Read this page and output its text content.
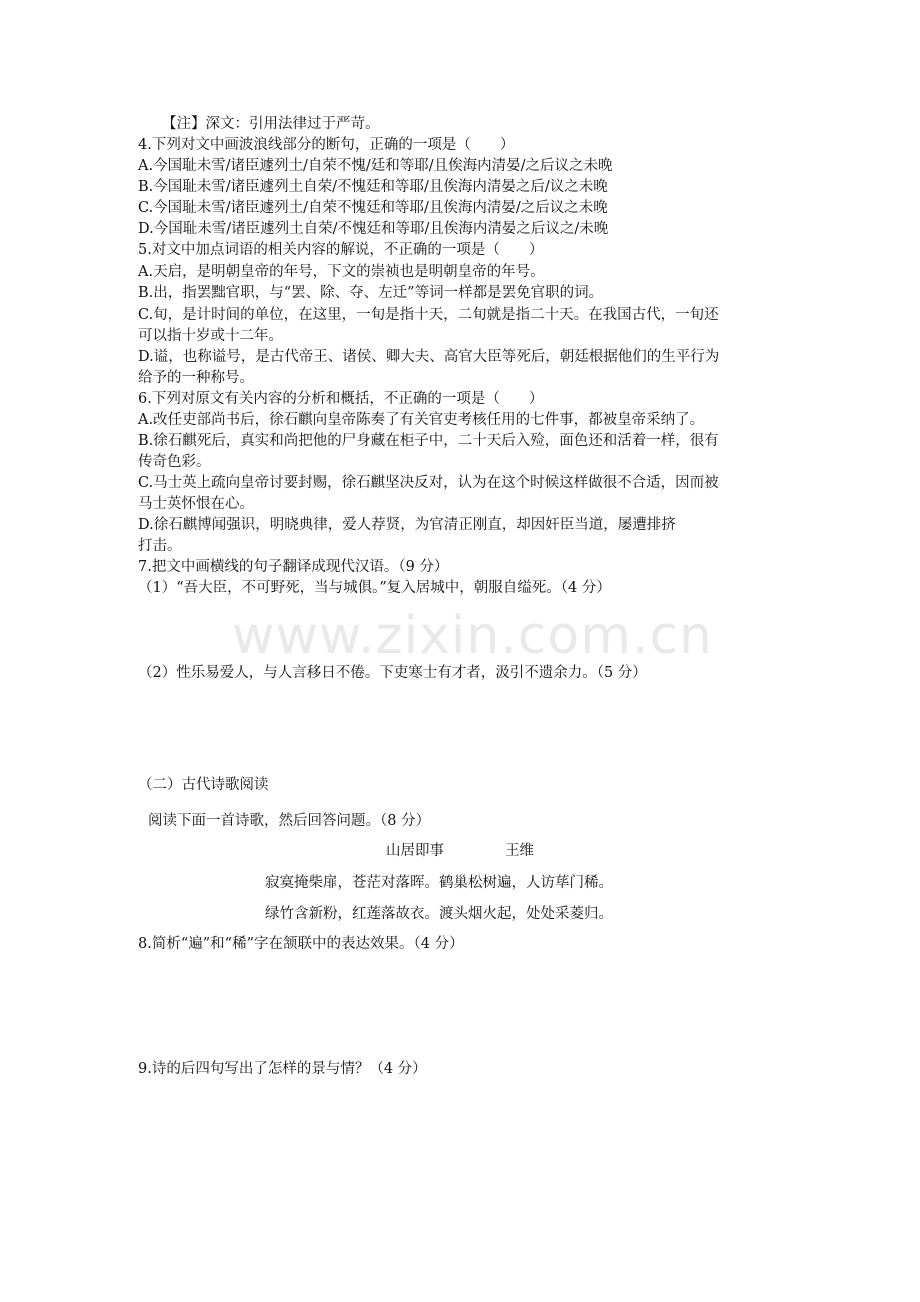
【注】深文：引用法律过于严苛。
4.下列对文中画波浪线部分的断句，正确的一项是（　　）
A.今国耻未雪/诸臣遽列土/自荣不愧/廷和等耶/且俟海内清晏/之后议之未晚
B.今国耻未雪/诸臣遽列土自荣/不愧廷和等耶/且俟海内清晏之后/议之未晚
C.今国耻未雪/诸臣遽列土/自荣不愧廷和等耶/且俟海内清晏/之后议之未晚
D.今国耻未雪/诸臣遽列土自荣/不愧廷和等耶/且俟海内清晏之后议之/未晚
5.对文中加点词语的相关内容的解说，不正确的一项是（　　）
A.天启，是明朝皇帝的年号，下文的崇祯也是明朝皇帝的年号。
B.出，指罢黜官职，与“罢、除、夺、左迁”等词一样都是罢免官职的词。
C.旬，是计时间的单位，在这里，一旬是指十天，二旬就是指二十天。在我国古代，一旬还
可以指十岁或十二年。
D.谥，也称谥号，是古代帝王、诸侯、卿大夫、高官大臣等死后，朝廷根据他们的生平行为
给予的一种称号。
6.下列对原文有关内容的分析和概括，不正确的一项是（　　）
A.改任吏部尚书后，徐石麒向皇帝陈奏了有关官吏考核任用的七件事，都被皇帝采纳了。
B.徐石麒死后，真实和尚把他的尸身藏在柜子中，二十天后入殓，面色还和活着一样，很有
传奇色彩。
C.马士英上疏向皇帝讨要封赐，徐石麒坚决反对，认为在这个时候这样做很不合适，因而被
马士英怀恨在心。
D.徐石麒博闻强识，明晓典律，爱人荐贤，为官清正刚直，却因奸臣当道，屡遭排挤
打击。
7.把文中画横线的句子翻译成现代汉语。（9 分）
（1）“吾大臣，不可野死，当与城俱。”复入居城中，朝服自缢死。（4 分）
www.zixin.com.cn
（2）性乐易爱人，与人言移日不倦。下吏寒士有才者，汲引不遗余力。（5 分）
（二）古代诗歌阅读
阅读下面一首诗歌，然后回答问题。（8 分）
山居即事	王维
寂寞掩柴扉，苍茫对落晖。鹤巢松树遍，人访荜门稀。
绿竹含新粉，红莲落故衣。渡头烟火起，处处采菱归。
8.简析“遍”和“稀”字在颔联中的表达效果。（4 分）
9.诗的后四句写出了怎样的景与情？（4 分）
